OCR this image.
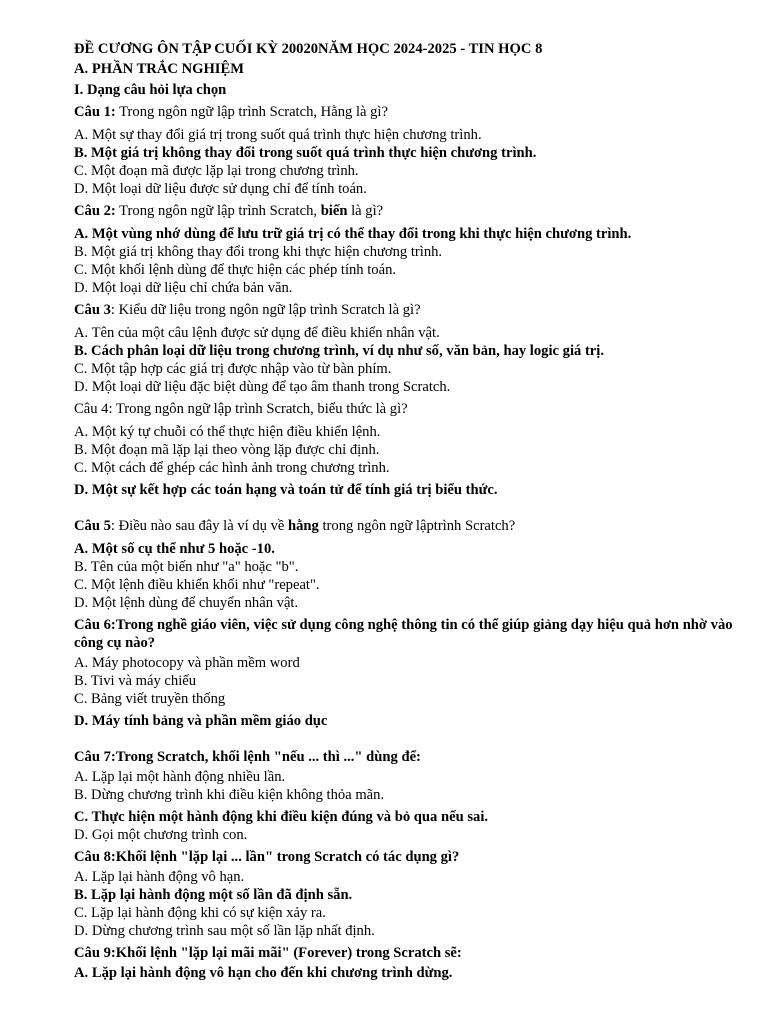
ĐỀ CƯƠNG ÔN TẬP CUỐI KỲ 20020NĂM HỌC 2024-2025 - TIN HỌC 8
A. PHẦN TRẮC NGHIỆM
I. Dạng câu hỏi lựa chọn
Câu 1: Trong ngôn ngữ lập trình Scratch, Hằng là gì?
A. Một sự thay đổi giá trị trong suốt quá trình thực hiện chương trình.
B. Một giá trị không thay đổi trong suốt quá trình thực hiện chương trình.
C. Một đoạn mã được lặp lại trong chương trình.
D. Một loại dữ liệu được sử dụng chỉ để tính toán.
Câu 2: Trong ngôn ngữ lập trình Scratch, biến là gì?
A. Một vùng nhớ dùng để lưu trữ giá trị có thể thay đổi trong khi thực hiện chương trình.
B. Một giá trị không thay đổi trong khi thực hiện chương trình.
C. Một khối lệnh dùng để thực hiện các phép tính toán.
D. Một loại dữ liệu chỉ chứa bản văn.
Câu 3: Kiểu dữ liệu trong ngôn ngữ lập trình Scratch là gì?
A. Tên của một câu lệnh được sử dụng để điều khiển nhân vật.
B. Cách phân loại dữ liệu trong chương trình, ví dụ như số, văn bản, hay logic giá trị.
C. Một tập hợp các giá trị được nhập vào từ bàn phím.
D. Một loại dữ liệu đặc biệt dùng để tạo âm thanh trong Scratch.
Câu 4: Trong ngôn ngữ lập trình Scratch, biểu thức là gì?
A. Một ký tự chuỗi có thể thực hiện điều khiển lệnh.
B. Một đoạn mã lặp lại theo vòng lặp được chỉ định.
C. Một cách để ghép các hình ảnh trong chương trình.
D. Một sự kết hợp các toán hạng và toán tử để tính giá trị biểu thức.
Câu 5: Điều nào sau đây là ví dụ về hằng trong ngôn ngữ lậptrình Scratch?
A. Một số cụ thể như 5 hoặc -10.
B. Tên của một biến như "a" hoặc "b".
C. Một lệnh điều khiển khối như "repeat".
D. Một lệnh dùng để chuyển nhân vật.
Câu 6:Trong nghề giáo viên, việc sử dụng công nghệ thông tin có thể giúp giảng dạy hiệu quả hơn nhờ vào công cụ nào?
A. Máy photocopy và phần mềm word
B. Tivi và máy chiếu
C. Bảng viết truyền thống
D. Máy tính bảng và phần mềm giáo dục
Câu 7:Trong Scratch, khối lệnh "nếu ... thì ..." dùng để:
A. Lặp lại một hành động nhiều lần.
B. Dừng chương trình khi điều kiện không thỏa mãn.
C. Thực hiện một hành động khi điều kiện đúng và bỏ qua nếu sai.
D. Gọi một chương trình con.
Câu 8:Khối lệnh "lặp lại ... lần" trong Scratch có tác dụng gì?
A. Lặp lại hành động vô hạn.
B. Lặp lại hành động một số lần đã định sẵn.
C. Lặp lại hành động khi có sự kiện xảy ra.
D. Dừng chương trình sau một số lần lặp nhất định.
Câu 9:Khối lệnh "lặp lại mãi mãi" (Forever) trong Scratch sẽ:
A. Lặp lại hành động vô hạn cho đến khi chương trình dừng.
